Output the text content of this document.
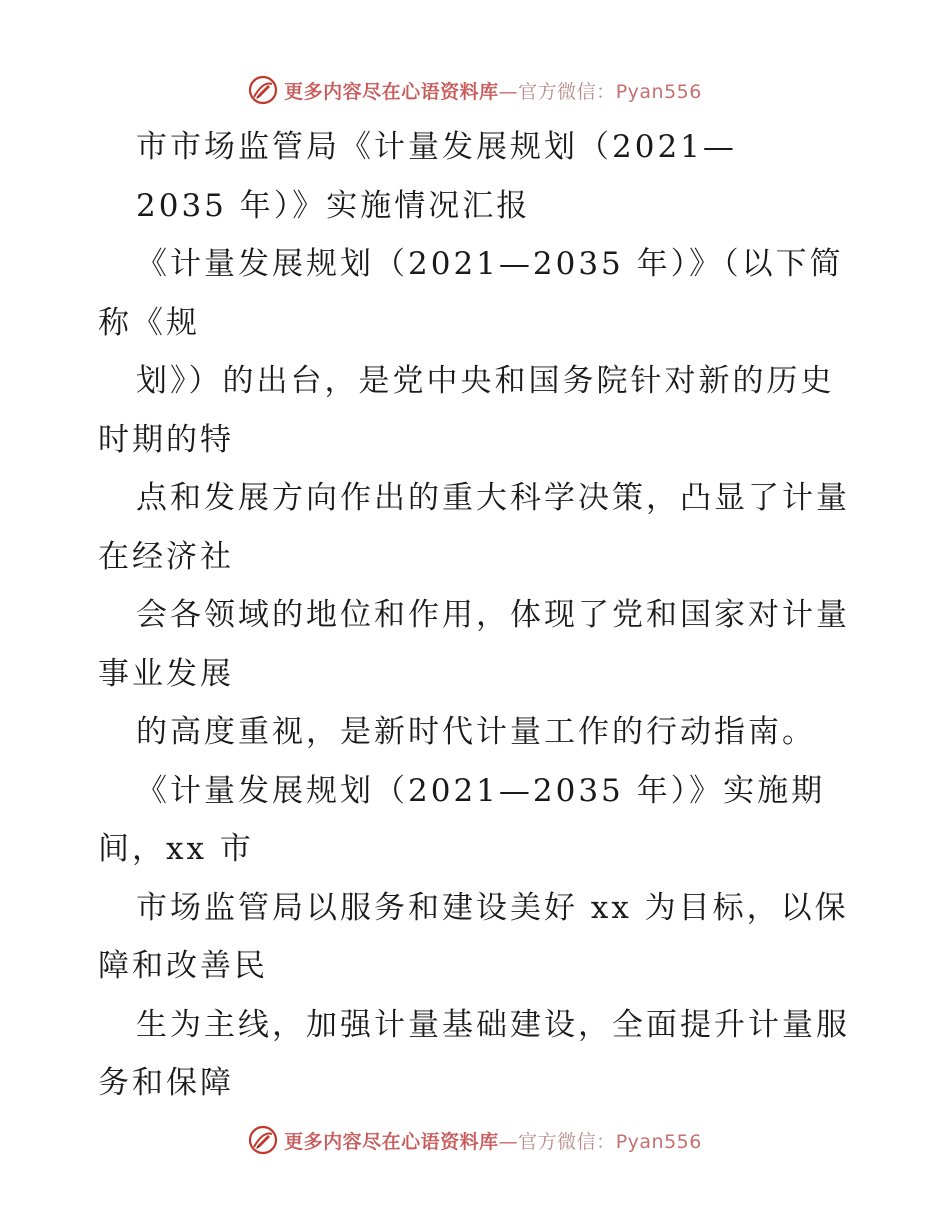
更多内容尽在心语资料库—官方微信：Pyan556
市市场监管局《计量发展规划（2021—
2035 年）》实施情况汇报
《计量发展规划（2021—2035 年）》（以下简
称《规
划》）的出台，是党中央和国务院针对新的历史
时期的特
点和发展方向作出的重大科学决策，凸显了计量
在经济社
会各领域的地位和作用，体现了党和国家对计量
事业发展
的高度重视，是新时代计量工作的行动指南。
《计量发展规划（2021—2035 年）》实施期
间，xx 市
市场监管局以服务和建设美好 xx 为目标，以保
障和改善民
生为主线，加强计量基础建设，全面提升计量服
务和保障
更多内容尽在心语资料库—官方微信：Pyan556
